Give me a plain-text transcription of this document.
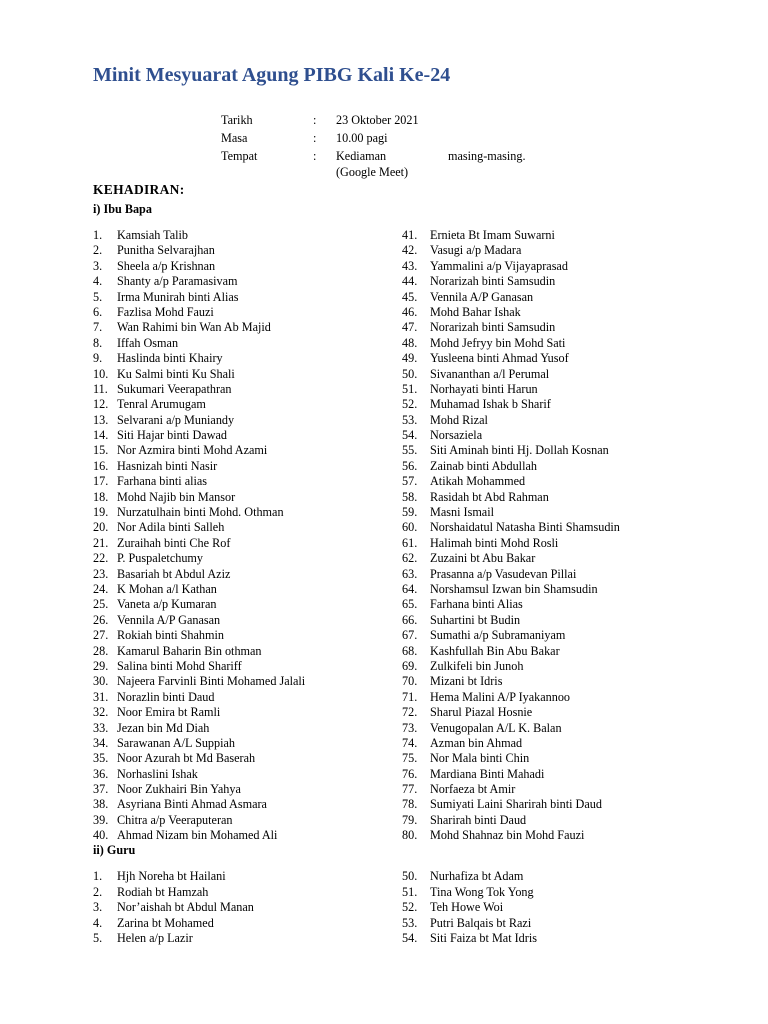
Minit Mesyuarat Agung PIBG Kali Ke-24
Tarikh	: 23 Oktober 2021
Masa	: 10.00 pagi
Tempat	: Kediaman	masing-masing.
(Google Meet)
KEHADIRAN:
i) Ibu Bapa
1. Kamsiah Talib
2. Punitha Selvarajhan
3. Sheela a/p Krishnan
4. Shanty a/p Paramasivam
5. Irma Munirah binti Alias
6. Fazlisa Mohd Fauzi
7. Wan Rahimi bin Wan Ab Majid
8. Iffah Osman
9. Haslinda binti Khairy
10. Ku Salmi binti Ku Shali
11. Sukumari Veerapathran
12. Tenral Arumugam
13. Selvarani a/p Muniandy
14. Siti Hajar binti Dawad
15. Nor Azmira binti Mohd Azami
16. Hasnizah binti Nasir
17. Farhana binti alias
18. Mohd Najib bin Mansor
19. Nurzatulhain binti Mohd. Othman
20. Nor Adila binti Salleh
21. Zuraihah binti Che Rof
22. P. Puspaletchumy
23. Basariah bt Abdul Aziz
24. K Mohan a/l Kathan
25. Vaneta a/p Kumaran
26. Vennila A/P Ganasan
27. Rokiah binti Shahmin
28. Kamarul Baharin Bin othman
29. Salina binti Mohd Shariff
30. Najeera Farvinli Binti Mohamed Jalali
31. Norazlin binti Daud
32. Noor Emira bt Ramli
33. Jezan bin Md Diah
34. Sarawanan A/L Suppiah
35. Noor Azurah bt Md Baserah
36. Norhaslini Ishak
37. Noor Zukhairi Bin Yahya
38. Asyriana Binti Ahmad Asmara
39. Chitra a/p Veeraputeran
40. Ahmad Nizam bin Mohamed Ali
41. Ernieta Bt Imam Suwarni
42. Vasugi a/p Madara
43. Yammalini a/p Vijayaprasad
44. Norarizah binti Samsudin
45. Vennila A/P Ganasan
46. Mohd Bahar Ishak
47. Norarizah binti Samsudin
48. Mohd Jefryy bin Mohd Sati
49. Yusleena binti Ahmad Yusof
50. Sivananthan a/l Perumal
51. Norhayati binti Harun
52. Muhamad Ishak b Sharif
53. Mohd Rizal
54. Norsaziela
55. Siti Aminah binti Hj. Dollah Kosnan
56. Zainab binti Abdullah
57. Atikah Mohammed
58. Rasidah bt Abd Rahman
59. Masni Ismail
60. Norshaidatul Natasha Binti Shamsudin
61. Halimah binti Mohd Rosli
62. Zuzaini bt Abu Bakar
63. Prasanna a/p Vasudevan Pillai
64. Norshamsul Izwan bin Shamsudin
65. Farhana binti Alias
66. Suhartini bt Budin
67. Sumathi a/p Subramaniyam
68. Kashfullah Bin Abu Bakar
69. Zulkifeli bin Junoh
70. Mizani bt Idris
71. Hema Malini A/P Iyakannoo
72. Sharul Piazal Hosnie
73. Venugopalan A/L K. Balan
74. Azman bin Ahmad
75. Nor Mala binti Chin
76. Mardiana Binti Mahadi
77. Norfaeza bt Amir
78. Sumiyati Laini Sharirah binti Daud
79. Sharirah binti Daud
80. Mohd Shahnaz bin Mohd Fauzi
ii) Guru
1. Hjh Noreha bt Hailani
2. Rodiah bt Hamzah
3. Nor’aishah bt Abdul Manan
4. Zarina bt Mohamed
5. Helen a/p Lazir
50. Nurhafiza bt Adam
51. Tina Wong Tok Yong
52. Teh Howe Woi
53. Putri Balqais bt Razi
54. Siti Faiza bt Mat Idris
